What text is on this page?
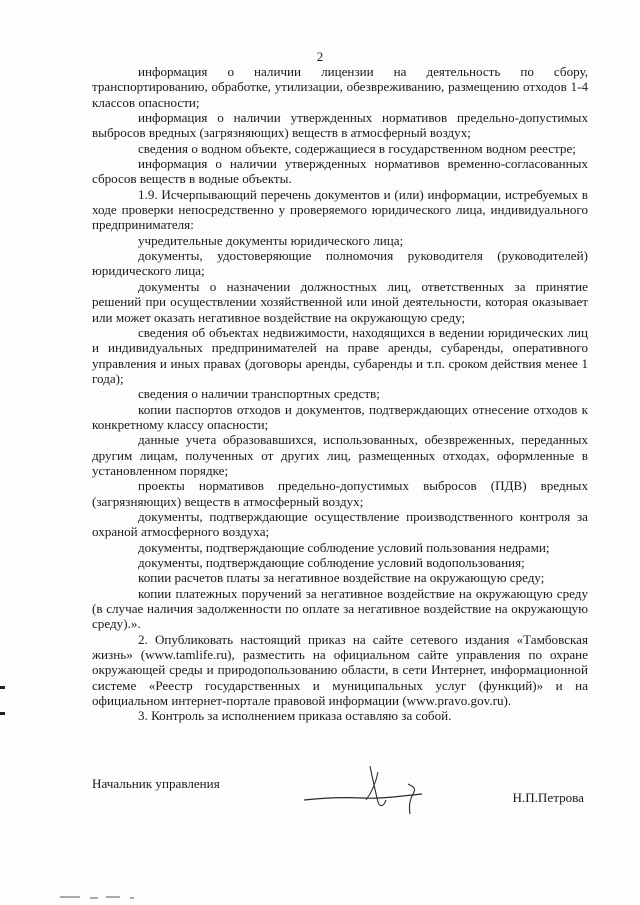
2

информация о наличии лицензии на деятельность по сбору, транспортированию, обработке, утилизации, обезвреживанию, размещению отходов 1-4 классов опасности;

информация о наличии утвержденных нормативов предельно-допустимых выбросов вредных (загрязняющих) веществ в атмосферный воздух;

сведения о водном объекте, содержащиеся в государственном водном реестре;

информация о наличии утвержденных нормативов временно-согласованных сбросов веществ в водные объекты.

1.9. Исчерпывающий перечень документов и (или) информации, истребуемых в ходе проверки непосредственно у проверяемого юридического лица, индивидуального предпринимателя:

учредительные документы юридического лица;

документы, удостоверяющие полномочия руководителя (руководителей) юридического лица;

документы о назначении должностных лиц, ответственных за принятие решений при осуществлении хозяйственной или иной деятельности, которая оказывает или может оказать негативное воздействие на окружающую среду;

сведения об объектах недвижимости, находящихся в ведении юридических лиц и индивидуальных предпринимателей на праве аренды, субаренды, оперативного управления и иных правах (договоры аренды, субаренды и т.п. сроком действия менее 1 года);

сведения о наличии транспортных средств;

копии паспортов отходов и документов, подтверждающих отнесение отходов к конкретному классу опасности;

данные учета образовавшихся, использованных, обезвреженных, переданных другим лицам, полученных от других лиц, размещенных отходах, оформленные в установленном порядке;

проекты нормативов предельно-допустимых выбросов (ПДВ) вредных (загрязняющих) веществ в атмосферный воздух;

документы, подтверждающие осуществление производственного контроля за охраной атмосферного воздуха;

документы, подтверждающие соблюдение условий пользования недрами;

документы, подтверждающие соблюдение условий водопользования;

копии расчетов платы за негативное воздействие на окружающую среду;

копии платежных поручений за негативное воздействие на окружающую среду (в случае наличия задолженности по оплате за негативное воздействие на окружающую среду).».

2. Опубликовать настоящий приказ на сайте сетевого издания «Тамбовская жизнь» (www.tamlife.ru), разместить на официальном сайте управления по охране окружающей среды и природопользованию области, в сети Интернет, информационной системе «Реестр государственных и муниципальных услуг (функций)» и на официальном интернет-портале правовой информации (www.pravo.gov.ru).

3. Контроль за исполнением приказа оставляю за собой.

Начальник управления
Н.П.Петрова
